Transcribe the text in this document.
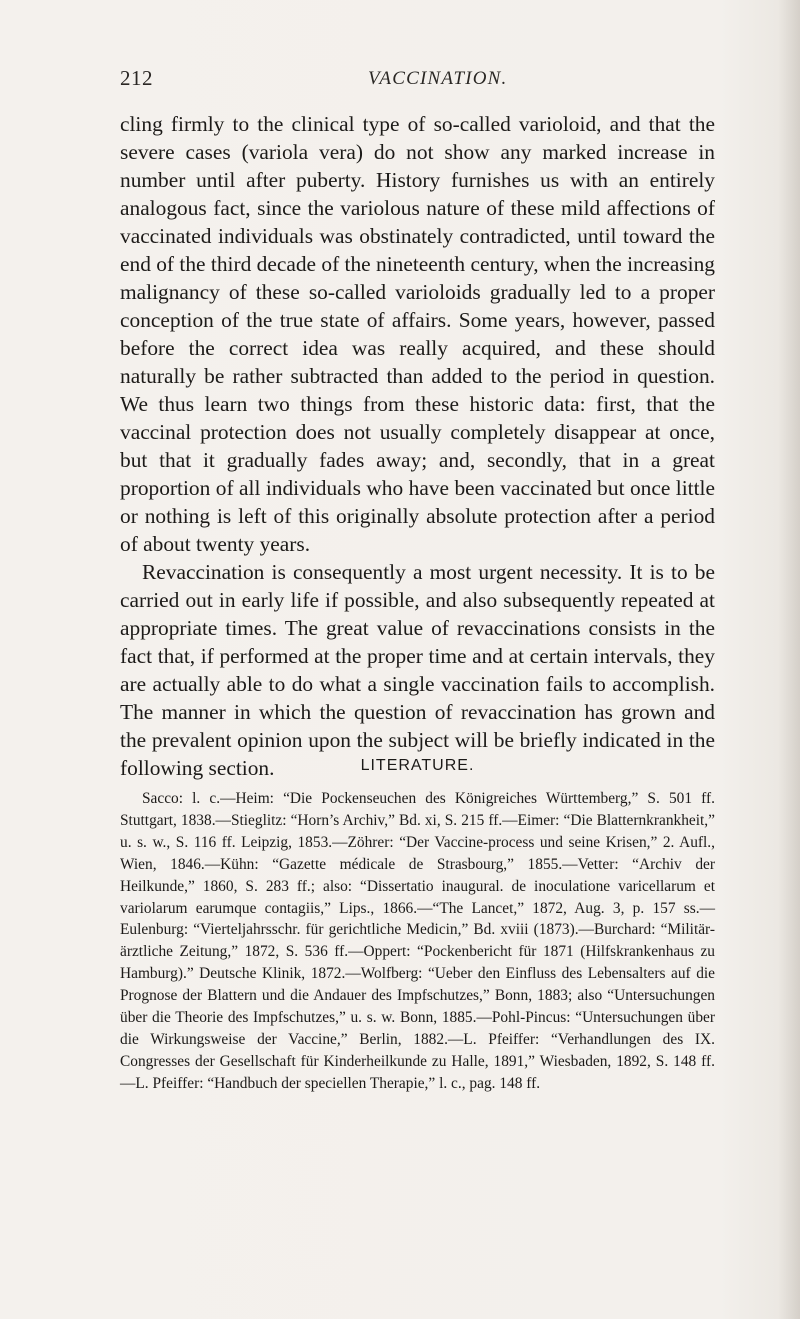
212	VACCINATION.

cling firmly to the clinical type of so-called varioloid, and that the severe cases (variola vera) do not show any marked increase in number until after puberty. History furnishes us with an entirely analogous fact, since the variolous nature of these mild affections of vaccinated individuals was obstinately contradicted, until toward the end of the third decade of the nineteenth century, when the increasing malignancy of these so-called varioloids gradually led to a proper conception of the true state of affairs. Some years, however, passed before the correct idea was really acquired, and these should naturally be rather subtracted than added to the period in question. We thus learn two things from these historic data: first, that the vaccinal protection does not usually completely disappear at once, but that it gradually fades away; and, secondly, that in a great proportion of all individuals who have been vaccinated but once little or nothing is left of this originally absolute protection after a period of about twenty years.

Revaccination is consequently a most urgent necessity. It is to be carried out in early life if possible, and also subsequently repeated at appropriate times. The great value of revaccinations consists in the fact that, if performed at the proper time and at certain intervals, they are actually able to do what a single vaccination fails to accomplish. The manner in which the question of revaccination has grown and the prevalent opinion upon the subject will be briefly indicated in the following section.	LITERATURE.

Sacco: l. c.—Heim: “Die Pockenseuchen des Königreiches Württemberg,” S. 501 ff. Stuttgart, 1838.—Stieglitz: “Horn’s Archiv,” Bd. xi, S. 215 ff.—Eimer: “Die Blatternkrankheit,” u. s. w., S. 116 ff. Leipzig, 1853.—Zöhrer: “Der Vaccine-process und seine Krisen,” 2. Aufl., Wien, 1846.—Kühn: “Gazette médicale de Strasbourg,” 1855.—Vetter: “Archiv der Heilkunde,” 1860, S. 283 ff.; also: “Dissertatio inaugural. de inoculatione varicellarum et variolarum earumque contagiis,” Lips., 1866.—“The Lancet,” 1872, Aug. 3, p. 157 ss.—Eulenburg: “Vierteljahrsschr. für gerichtliche Medicin,” Bd. xviii (1873).—Burchard: “Militär-ärztliche Zeitung,” 1872, S. 536 ff.—Oppert: “Pockenbericht für 1871 (Hilfskrankenhaus zu Hamburg).” Deutsche Klinik, 1872.—Wolfberg: “Ueber den Einfluss des Lebensalters auf die Prognose der Blattern und die Andauer des Impfschutzes,” Bonn, 1883; also “Untersuchungen über die Theorie des Impfschutzes,” u. s. w. Bonn, 1885.—Pohl-Pincus: “Untersuchungen über die Wirkungsweise der Vaccine,” Berlin, 1882.—L. Pfeiffer: “Verhandlungen des IX. Congresses der Gesellschaft für Kinderheilkunde zu Halle, 1891,” Wiesbaden, 1892, S. 148 ff.—L. Pfeiffer: “Handbuch der speciellen Therapie,” l. c., pag. 148 ff.
